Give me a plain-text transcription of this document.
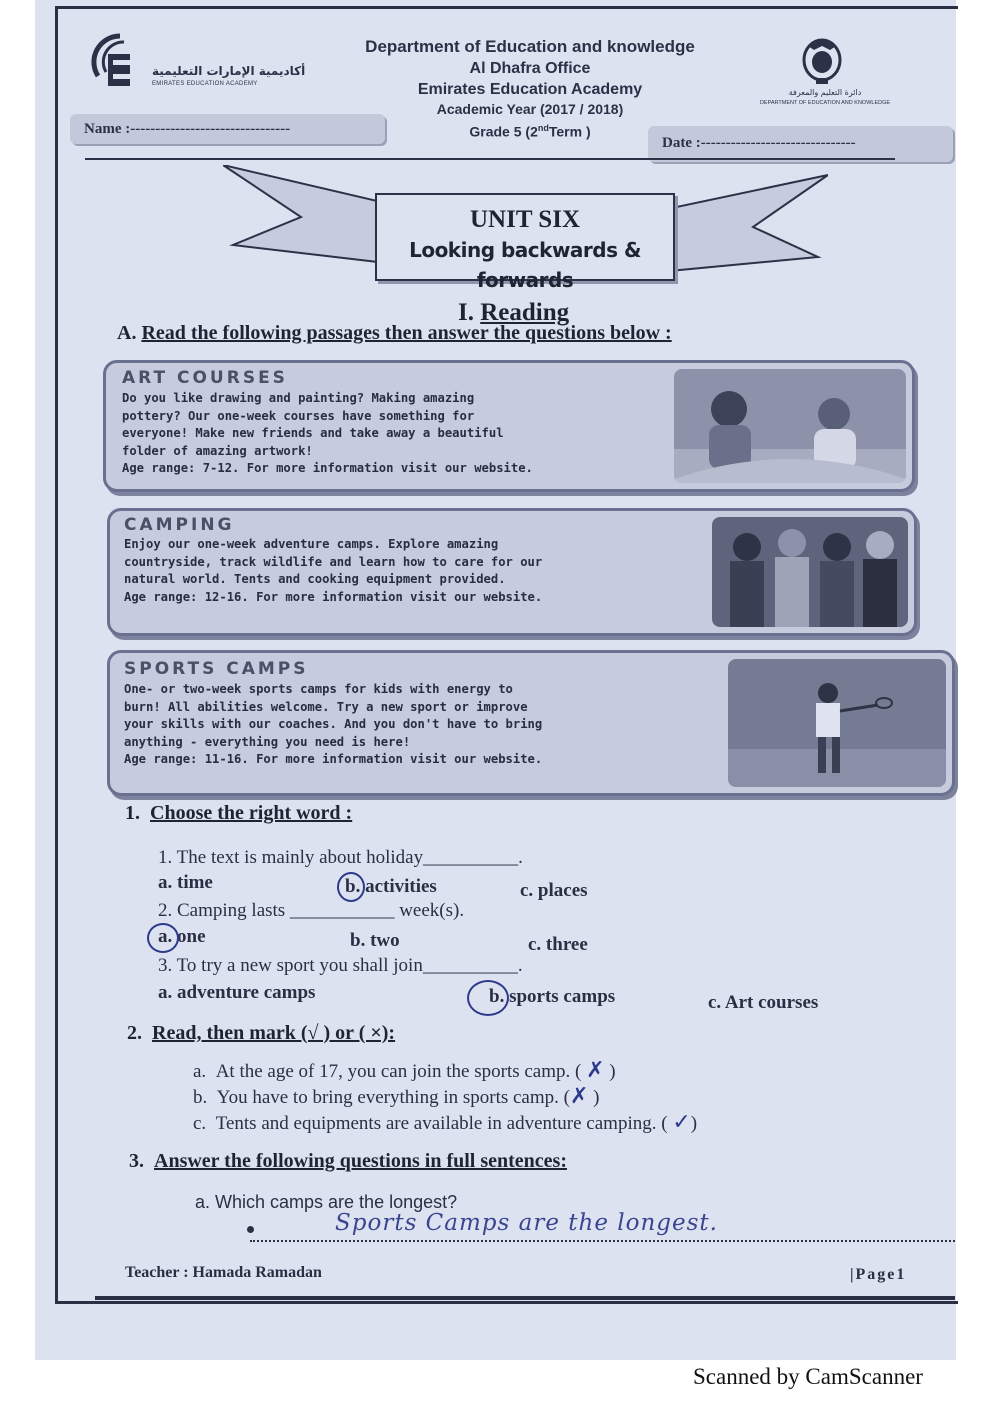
أكاديمية الإمارات التعليمية
EMIRATES EDUCATION ACADEMY
Department of Education and knowledge
Al Dhafra Office
Emirates Education Academy
Academic Year (2017 / 2018)
Grade 5 (2ndTerm )
دائرة التعليم والمعرفة
DEPARTMENT OF EDUCATION AND KNOWLEDGE
Name :--------------------------------
Date :-------------------------------
UNIT SIX
Looking backwards & forwards
I. Reading
A. Read the following passages then answer the questions below :
ART COURSES
Do you like drawing and painting? Making amazing
pottery? Our one-week courses have something for
everyone! Make new friends and take away a beautiful
folder of amazing artwork!
Age range: 7-12. For more information visit our website.
CAMPING
Enjoy our one-week adventure camps. Explore amazing
countryside, track wildlife and learn how to care for our
natural world. Tents and cooking equipment provided.
Age range: 12-16. For more information visit our website.
SPORTS CAMPS
One- or two-week sports camps for kids with energy to
burn! All abilities welcome. Try a new sport or improve
your skills with our coaches. And you don't have to bring
anything - everything you need is here!
Age range: 11-16. For more information visit our website.
1. Choose the right word :
1. The text is mainly about holiday__________.
a. time	b. activities	c. places
2. Camping lasts ___________ week(s).
a. one	b. two	c. three
3. To try a new sport you shall join__________.
a. adventure camps	b. sports camps	c. Art courses
2. Read, then mark (√ ) or ( ×):
a. At the age of 17, you can join the sports camp. ( ✗ )
b. You have to bring everything in sports camp. (✗ )
c. Tents and equipments are available in adventure camping. ( ✓)
3. Answer the following questions in full sentences:
a. Which camps are the longest?
Sports Camps are the longest.
Teacher : Hamada Ramadan	|Page1
Scanned by CamScanner
